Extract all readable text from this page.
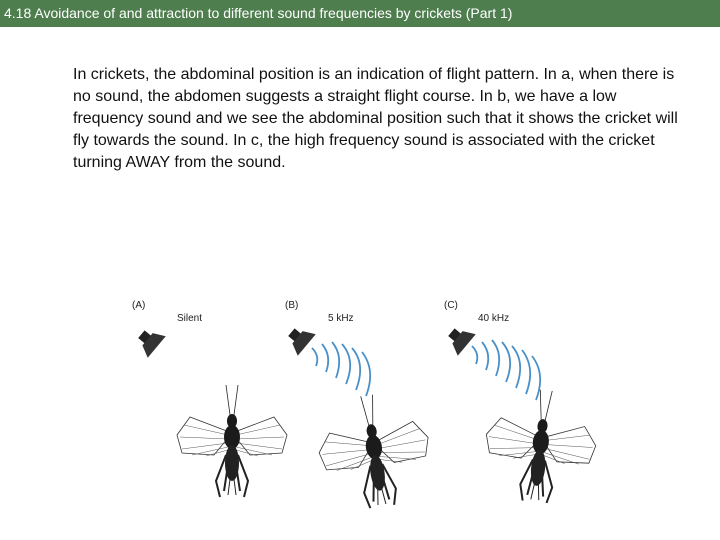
4.18 Avoidance of and attraction to different sound frequencies by crickets (Part 1)
In crickets, the abdominal position is an indication of flight pattern. In a, when there is no sound, the abdomen suggests a straight flight course. In b, we have a low frequency sound and we see the abdominal position such that it shows the cricket will fly towards the sound. In c, the high frequency sound is associated with the cricket turning AWAY from the sound.
(A)
Silent
(B)
5 kHz
(C)
40 kHz
